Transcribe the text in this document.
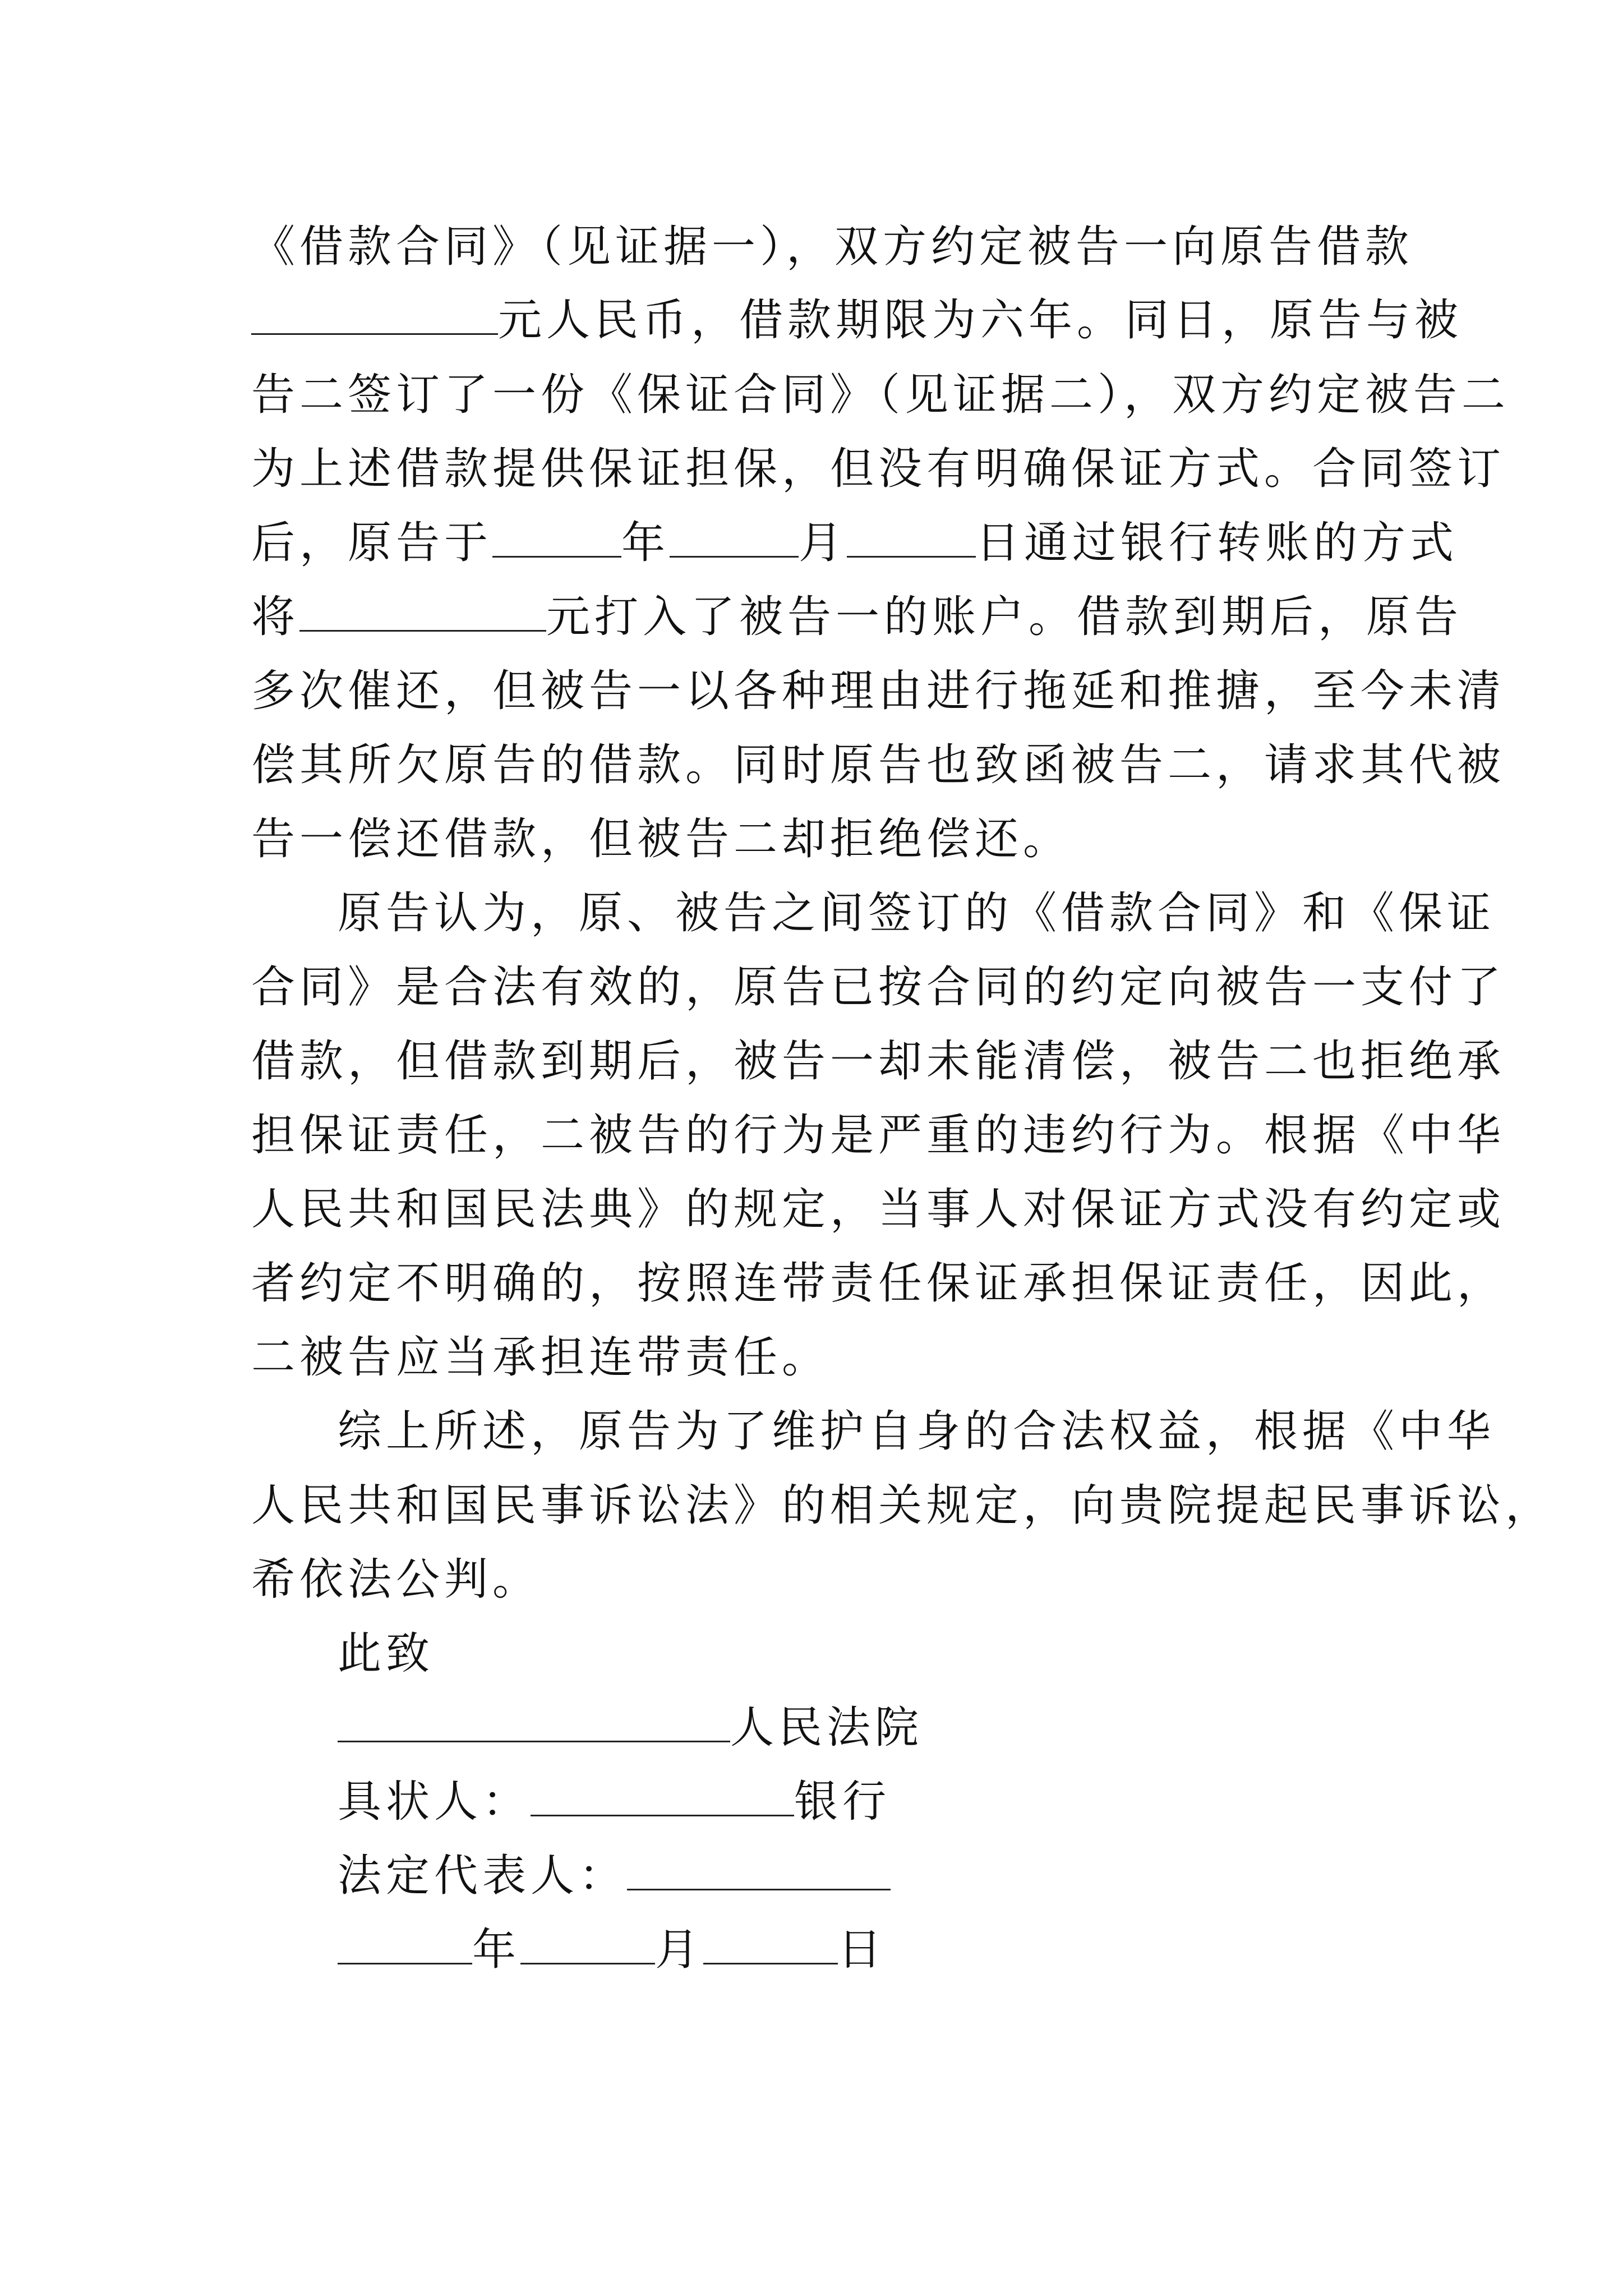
《借款合同》（见证据一），双方约定被告一向原告借款
元人民币，借款期限为六年。同日，原告与被
告二签订了一份《保证合同》（见证据二），双方约定被告二
为上述借款提供保证担保，但没有明确保证方式。合同签订
后，原告于	年	月	日通过银行转账的方式
将	元打入了被告一的账户。借款到期后，原告
多次催还，但被告一以各种理由进行拖延和推搪，至今未清
偿其所欠原告的借款。同时原告也致函被告二，请求其代被
告一偿还借款，但被告二却拒绝偿还。
原告认为，原、被告之间签订的《借款合同》和《保证
合同》是合法有效的，原告已按合同的约定向被告一支付了
借款，但借款到期后，被告一却未能清偿，被告二也拒绝承
担保证责任，二被告的行为是严重的违约行为。根据《中华
人民共和国民法典》的规定，当事人对保证方式没有约定或
者约定不明确的，按照连带责任保证承担保证责任，因此，
二被告应当承担连带责任。
综上所述，原告为了维护自身的合法权益，根据《中华
人民共和国民事诉讼法》的相关规定，向贵院提起民事诉讼，
希依法公判。
此致
人民法院
具状人：	银行
法定代表人：
年	月	日
